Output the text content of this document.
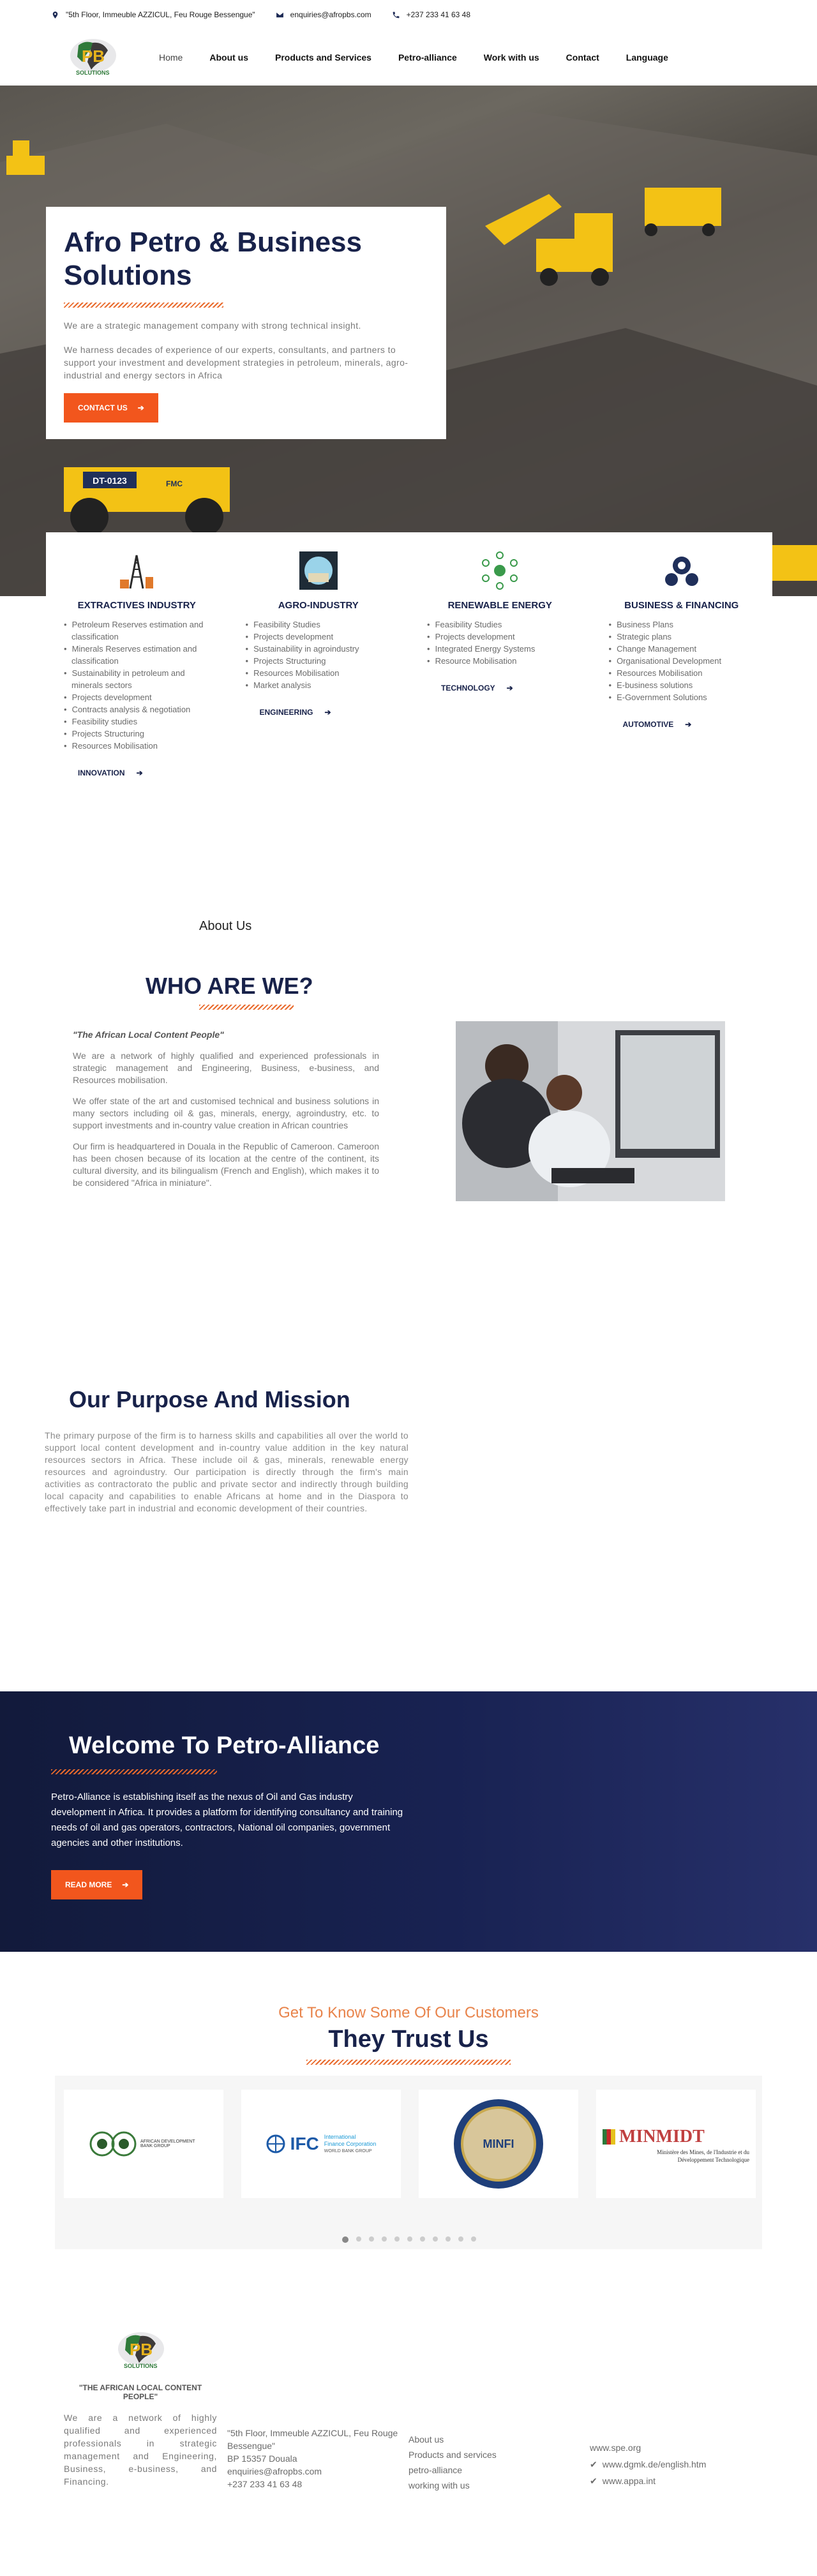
"5th Floor, Immeuble AZZICUL, Feu Rouge Bessengue"	enquiries@afropbs.com	+237 233 41 63 48
PB
SOLUTIONS
Home	About us	Products and Services	Petro-alliance	Work with us	Contact	Language
DT-0123	FMC
Afro Petro & Business Solutions

We are a strategic management company with strong technical insight.

We harness decades of experience of our experts, consultants, and partners to support your investment and development strategies in petroleum, minerals, agro-industrial and energy sectors in Africa

CONTACT US ➔
EXTRACTIVES INDUSTRY
• Petroleum Reserves estimation and classification
• Minerals Reserves estimation and classification
• Sustainability in petroleum and minerals sectors
• Projects development
• Contracts analysis & negotiation
• Feasibility studies
• Projects Structuring
• Resources Mobilisation
INNOVATION ➔
AGRO-INDUSTRY
• Feasibility Studies
• Projects development
• Sustainability in agroindustry
• Projects Structuring
• Resources Mobilisation
• Market analysis
ENGINEERING ➔
RENEWABLE ENERGY
• Feasibility Studies
• Projects development
• Integrated Energy Systems
• Resource Mobilisation
TECHNOLOGY ➔
BUSINESS & FINANCING
• Business Plans
• Strategic plans
• Change Management
• Organisational Development
• Resources Mobilisation
• E-business solutions
• E-Government Solutions
AUTOMOTIVE ➔
About Us
WHO ARE WE?

"The African Local Content People"

We are a network of highly qualified and experienced professionals in strategic management and Engineering, Business, e-business, and Resources mobilisation.

We offer state of the art and customised technical and business solutions in many sectors including oil & gas, minerals, energy, agroindustry, etc. to support investments and in-country value creation in African countries

Our firm is headquartered in Douala in the Republic of Cameroon. Cameroon has been chosen because of its location at the centre of the continent, its cultural diversity, and its bilingualism (French and English), which makes it to be considered "Africa in miniature".

Our Purpose And Mission

The primary purpose of the firm is to harness skills and capabilities all over the world to support local content development and in-country value addition in the key natural resources sectors in Africa. These include oil & gas, minerals, renewable energy resources and agroindustry. Our participation is directly through the firm's main activities as contractorato the public and private sector and indirectly through building local capacity and capabilities to enable Africans at home and in the Diaspora to effectively take part in industrial and economic development of their countries.

Welcome To Petro-Alliance

Petro-Alliance is establishing itself as the nexus of Oil and Gas industry development in Africa. It provides a platform for identifying consultancy and training needs of oil and gas operators, contractors, National oil companies, government agencies and other institutions.

READ MORE ➔
Get To Know Some Of Our Customers
They Trust Us
AFRICAN DEVELOPMENT BANK GROUP	IFC International
Finance Corporation
WORLD BANK GROUP
MINFI	MINMIDT
Ministère des Mines, de l'Industrie et du
Développement Technologique
PB
SOLUTIONS
"THE AFRICAN LOCAL CONTENT PEOPLE"

We are a network of highly qualified and experienced professionals in strategic management and Engineering, Business, e-business, and Financing.

"5th Floor, Immeuble AZZICUL, Feu Rouge Bessengue"
BP 15357 Douala
enquiries@afropbs.com
+237 233 41 63 48
About us
Products and services
petro-alliance
working with us
www.spe.org
✔ www.dgmk.de/english.htm
✔ www.appa.int
